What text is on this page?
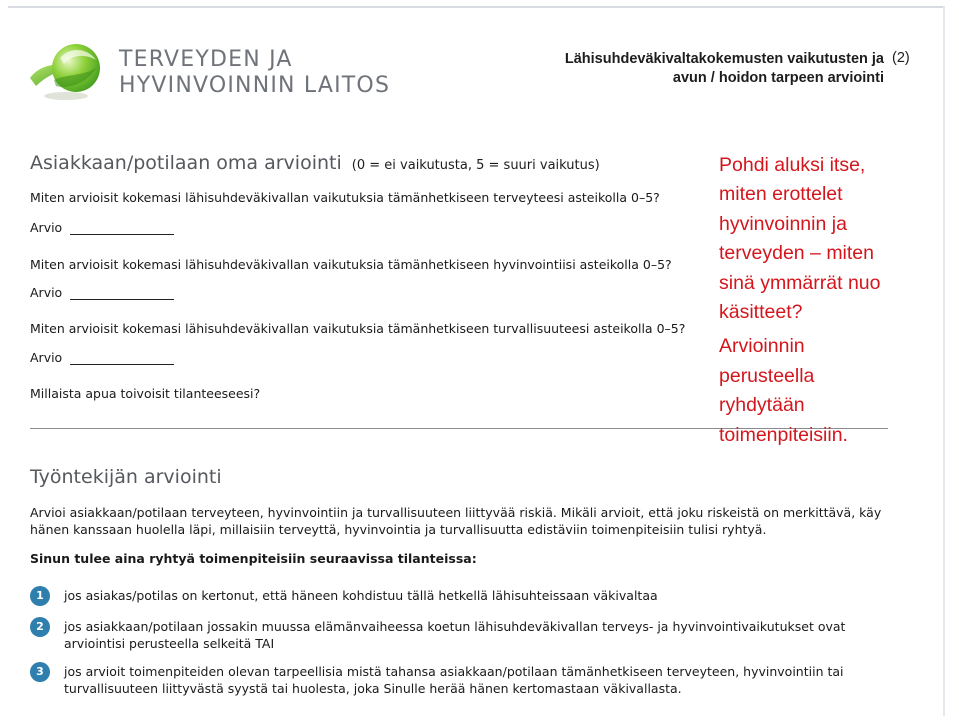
TERVEYDEN JA
HYVINVOINNIN LAITOS
Lähisuhdeväkivaltakokemusten vaikutusten ja
avun / hoidon tarpeen arviointi
(2)
Asiakkaan/potilaan oma arviointi (0 = ei vaikutusta, 5 = suuri vaikutus)
Miten arvioisit kokemasi lähisuhdeväkivallan vaikutuksia tämänhetkiseen terveyteesi asteikolla 0–5?
Arvio
Miten arvioisit kokemasi lähisuhdeväkivallan vaikutuksia tämänhetkiseen hyvinvointiisi asteikolla 0–5?
Arvio
Miten arvioisit kokemasi lähisuhdeväkivallan vaikutuksia tämänhetkiseen turvallisuuteesi asteikolla 0–5?
Arvio
Millaista apua toivoisit tilanteeseesi?
Työntekijän arviointi
Pohdi aluksi itse,
miten erottelet
hyvinvoinnin ja
terveyden – miten
sinä ymmärrät nuo
käsitteet?
Arvioinnin
perusteella
ryhdytään
toimenpiteisiin.
Arvioi asiakkaan/potilaan terveyteen, hyvinvointiin ja turvallisuuteen liittyvää riskiä. Mikäli arvioit, että joku riskeistä on merkittävä, käy
hänen kanssaan huolella läpi, millaisiin terveyttä, hyvinvointia ja turvallisuutta edistäviin toimenpiteisiin tulisi ryhtyä.
Sinun tulee aina ryhtyä toimenpiteisiin seuraavissa tilanteissa:
1	jos asiakas/potilas on kertonut, että häneen kohdistuu tällä hetkellä lähisuhteissaan väkivaltaa
2	jos asiakkaan/potilaan jossakin muussa elämänvaiheessa koetun lähisuhdeväkivallan terveys- ja hyvinvointivaikutukset ovat
arviointisi perusteella selkeitä TAI
3	jos arvioit toimenpiteiden olevan tarpeellisia mistä tahansa asiakkaan/potilaan tämänhetkiseen terveyteen, hyvinvointiin tai
turvallisuuteen liittyvästä syystä tai huolesta, joka Sinulle herää hänen kertomastaan väkivallasta.
